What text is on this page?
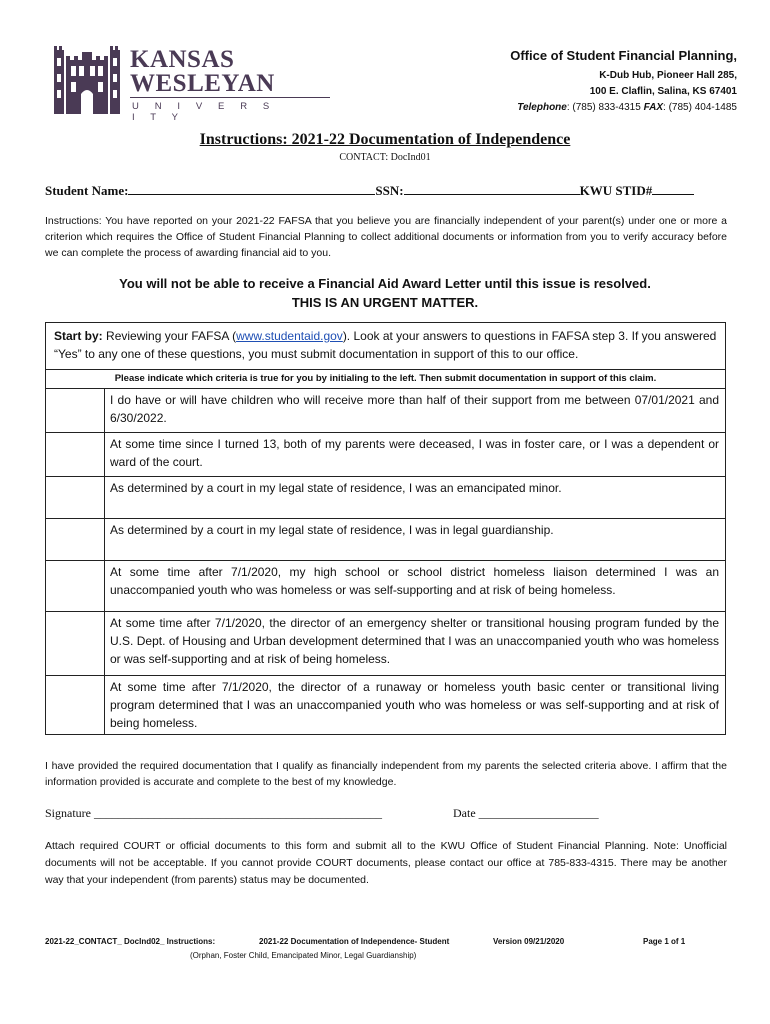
KANSAS
WESLEYAN
U N I V E R S I T Y
Office of Student Financial Planning,
K-Dub Hub, Pioneer Hall 285,
100 E. Claflin, Salina, KS 67401
Telephone: (785) 833-4315 FAX: (785) 404-1485
Instructions: 2021-22 Documentation of Independence
CONTACT: DocInd01
Student Name:	SSN:	KWU STID#
Instructions: You have reported on your 2021-22 FAFSA that you believe you are financially independent of your parent(s) under one or more a criterion which requires the Office of Student Financial Planning to collect additional documents or information from you to verify accuracy before we can complete the process of awarding financial aid to you.
You will not be able to receive a Financial Aid Award Letter until this issue is resolved.
THIS IS AN URGENT MATTER.
Start by: Reviewing your FAFSA (www.studentaid.gov). Look at your answers to questions in FAFSA step 3. If you answered “Yes” to any one of these questions, you must submit documentation in support of this to our office.
Please indicate which criteria is true for you by initialing to the left. Then submit documentation in support of this claim.
I do have or will have children who will receive more than half of their support from me between 07/01/2021 and 6/30/2022.
At some time since I turned 13, both of my parents were deceased, I was in foster care, or I was a dependent or ward of the court.
As determined by a court in my legal state of residence, I was an emancipated minor.
As determined by a court in my legal state of residence, I was in legal guardianship.
At some time after 7/1/2020, my high school or school district homeless liaison determined I was an unaccompanied youth who was homeless or was self-supporting and at risk of being homeless.
At some time after 7/1/2020, the director of an emergency shelter or transitional housing program funded by the U.S. Dept. of Housing and Urban development determined that I was an unaccompanied youth who was homeless or was self-supporting and at risk of being homeless.
At some time after 7/1/2020, the director of a runaway or homeless youth basic center or transitional living program determined that I was an unaccompanied youth who was homeless or was self-supporting and at risk of being homeless.
I have provided the required documentation that I qualify as financially independent from my parents the selected criteria above. I affirm that the information provided is accurate and complete to the best of my knowledge.
Signature ________________________________________________	Date ____________________
Attach required COURT or official documents to this form and submit all to the KWU Office of Student Financial Planning. Note: Unofficial documents will not be acceptable. If you cannot provide COURT documents, please contact our office at 785-833-4315. There may be another way that your independent (from parents) status may be documented.
2021-22_CONTACT_ DocInd02_ Instructions:	2021-22 Documentation of Independence- Student	Version 09/21/2020	Page 1 of 1
(Orphan, Foster Child, Emancipated Minor, Legal Guardianship)
